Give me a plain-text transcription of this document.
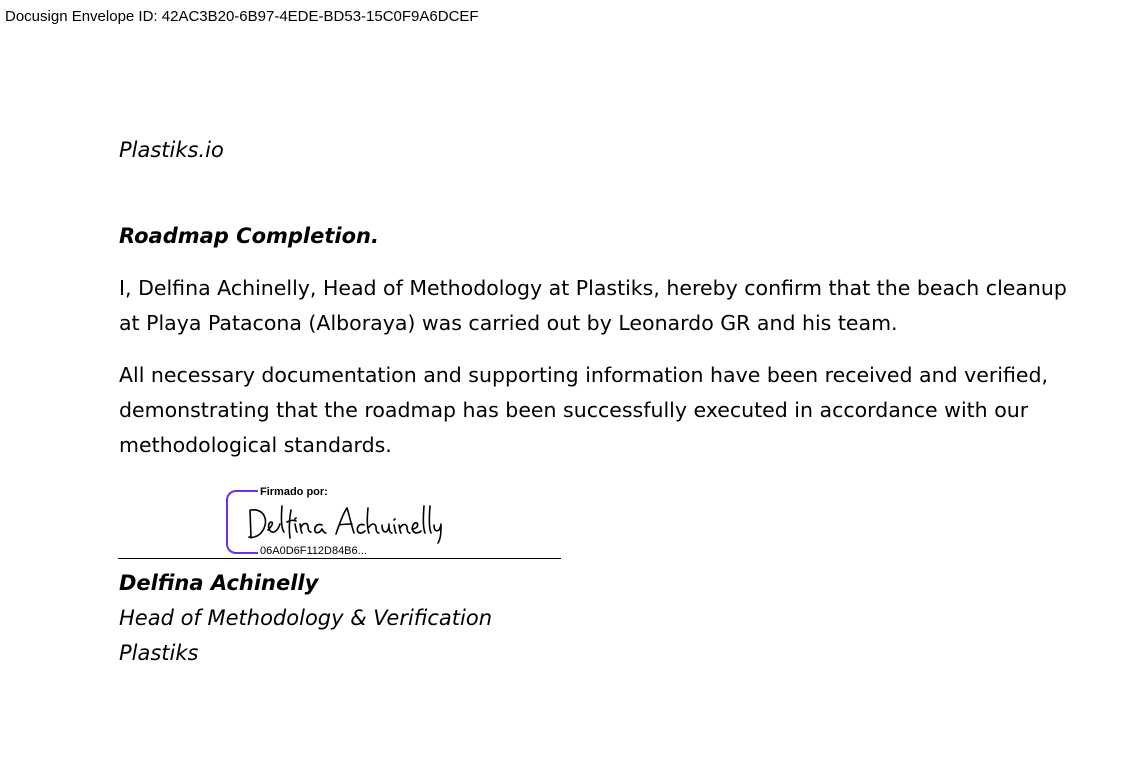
Docusign Envelope ID: 42AC3B20-6B97-4EDE-BD53-15C0F9A6DCEF
Plastiks.io
Roadmap Completion.
I, Delfina Achinelly, Head of Methodology at Plastiks, hereby confirm that the beach cleanup at Playa Patacona (Alboraya) was carried out by Leonardo GR and his team.
All necessary documentation and supporting information have been received and verified, demonstrating that the roadmap has been successfully executed in accordance with our methodological standards.
Firmado por:
06A0D6F112D84B6...
Delfina Achinelly
Head of Methodology & Verification
Plastiks
